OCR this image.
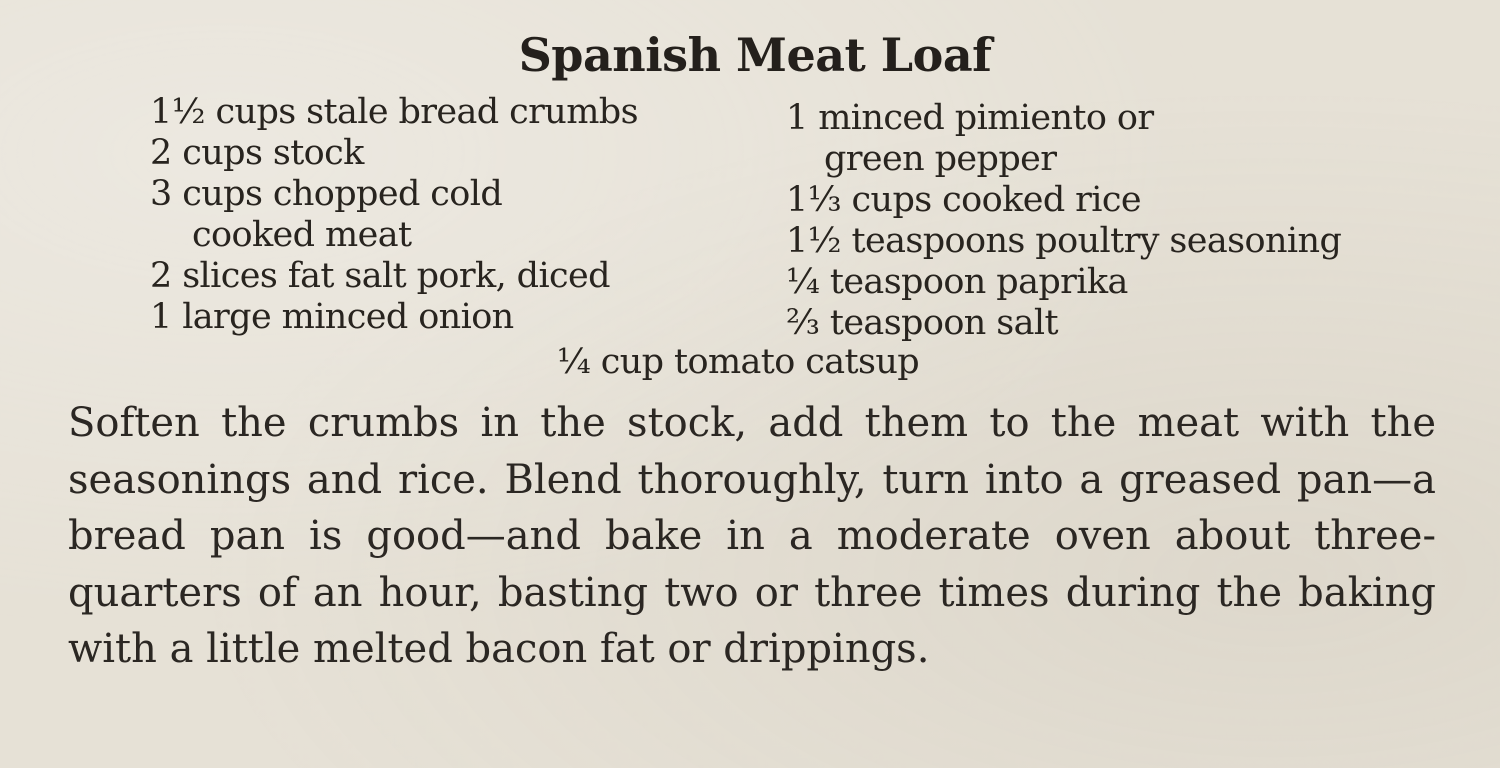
Spanish Meat Loaf
1½ cups stale bread crumbs
2 cups stock
3 cups chopped cold
cooked meat
2 slices fat salt pork, diced
1 large minced onion
1 minced pimiento or
green pepper
1⅓ cups cooked rice
1½ teaspoons poultry seasoning
¼ teaspoon paprika
⅔ teaspoon salt
¼ cup tomato catsup
Soften the crumbs in the stock, add them to the meat with the seasonings and rice. Blend thoroughly, turn into a greased pan—a bread pan is good—and bake in a moderate oven about three-quarters of an hour, basting two or three times during the baking with a little melted bacon fat or drippings.
